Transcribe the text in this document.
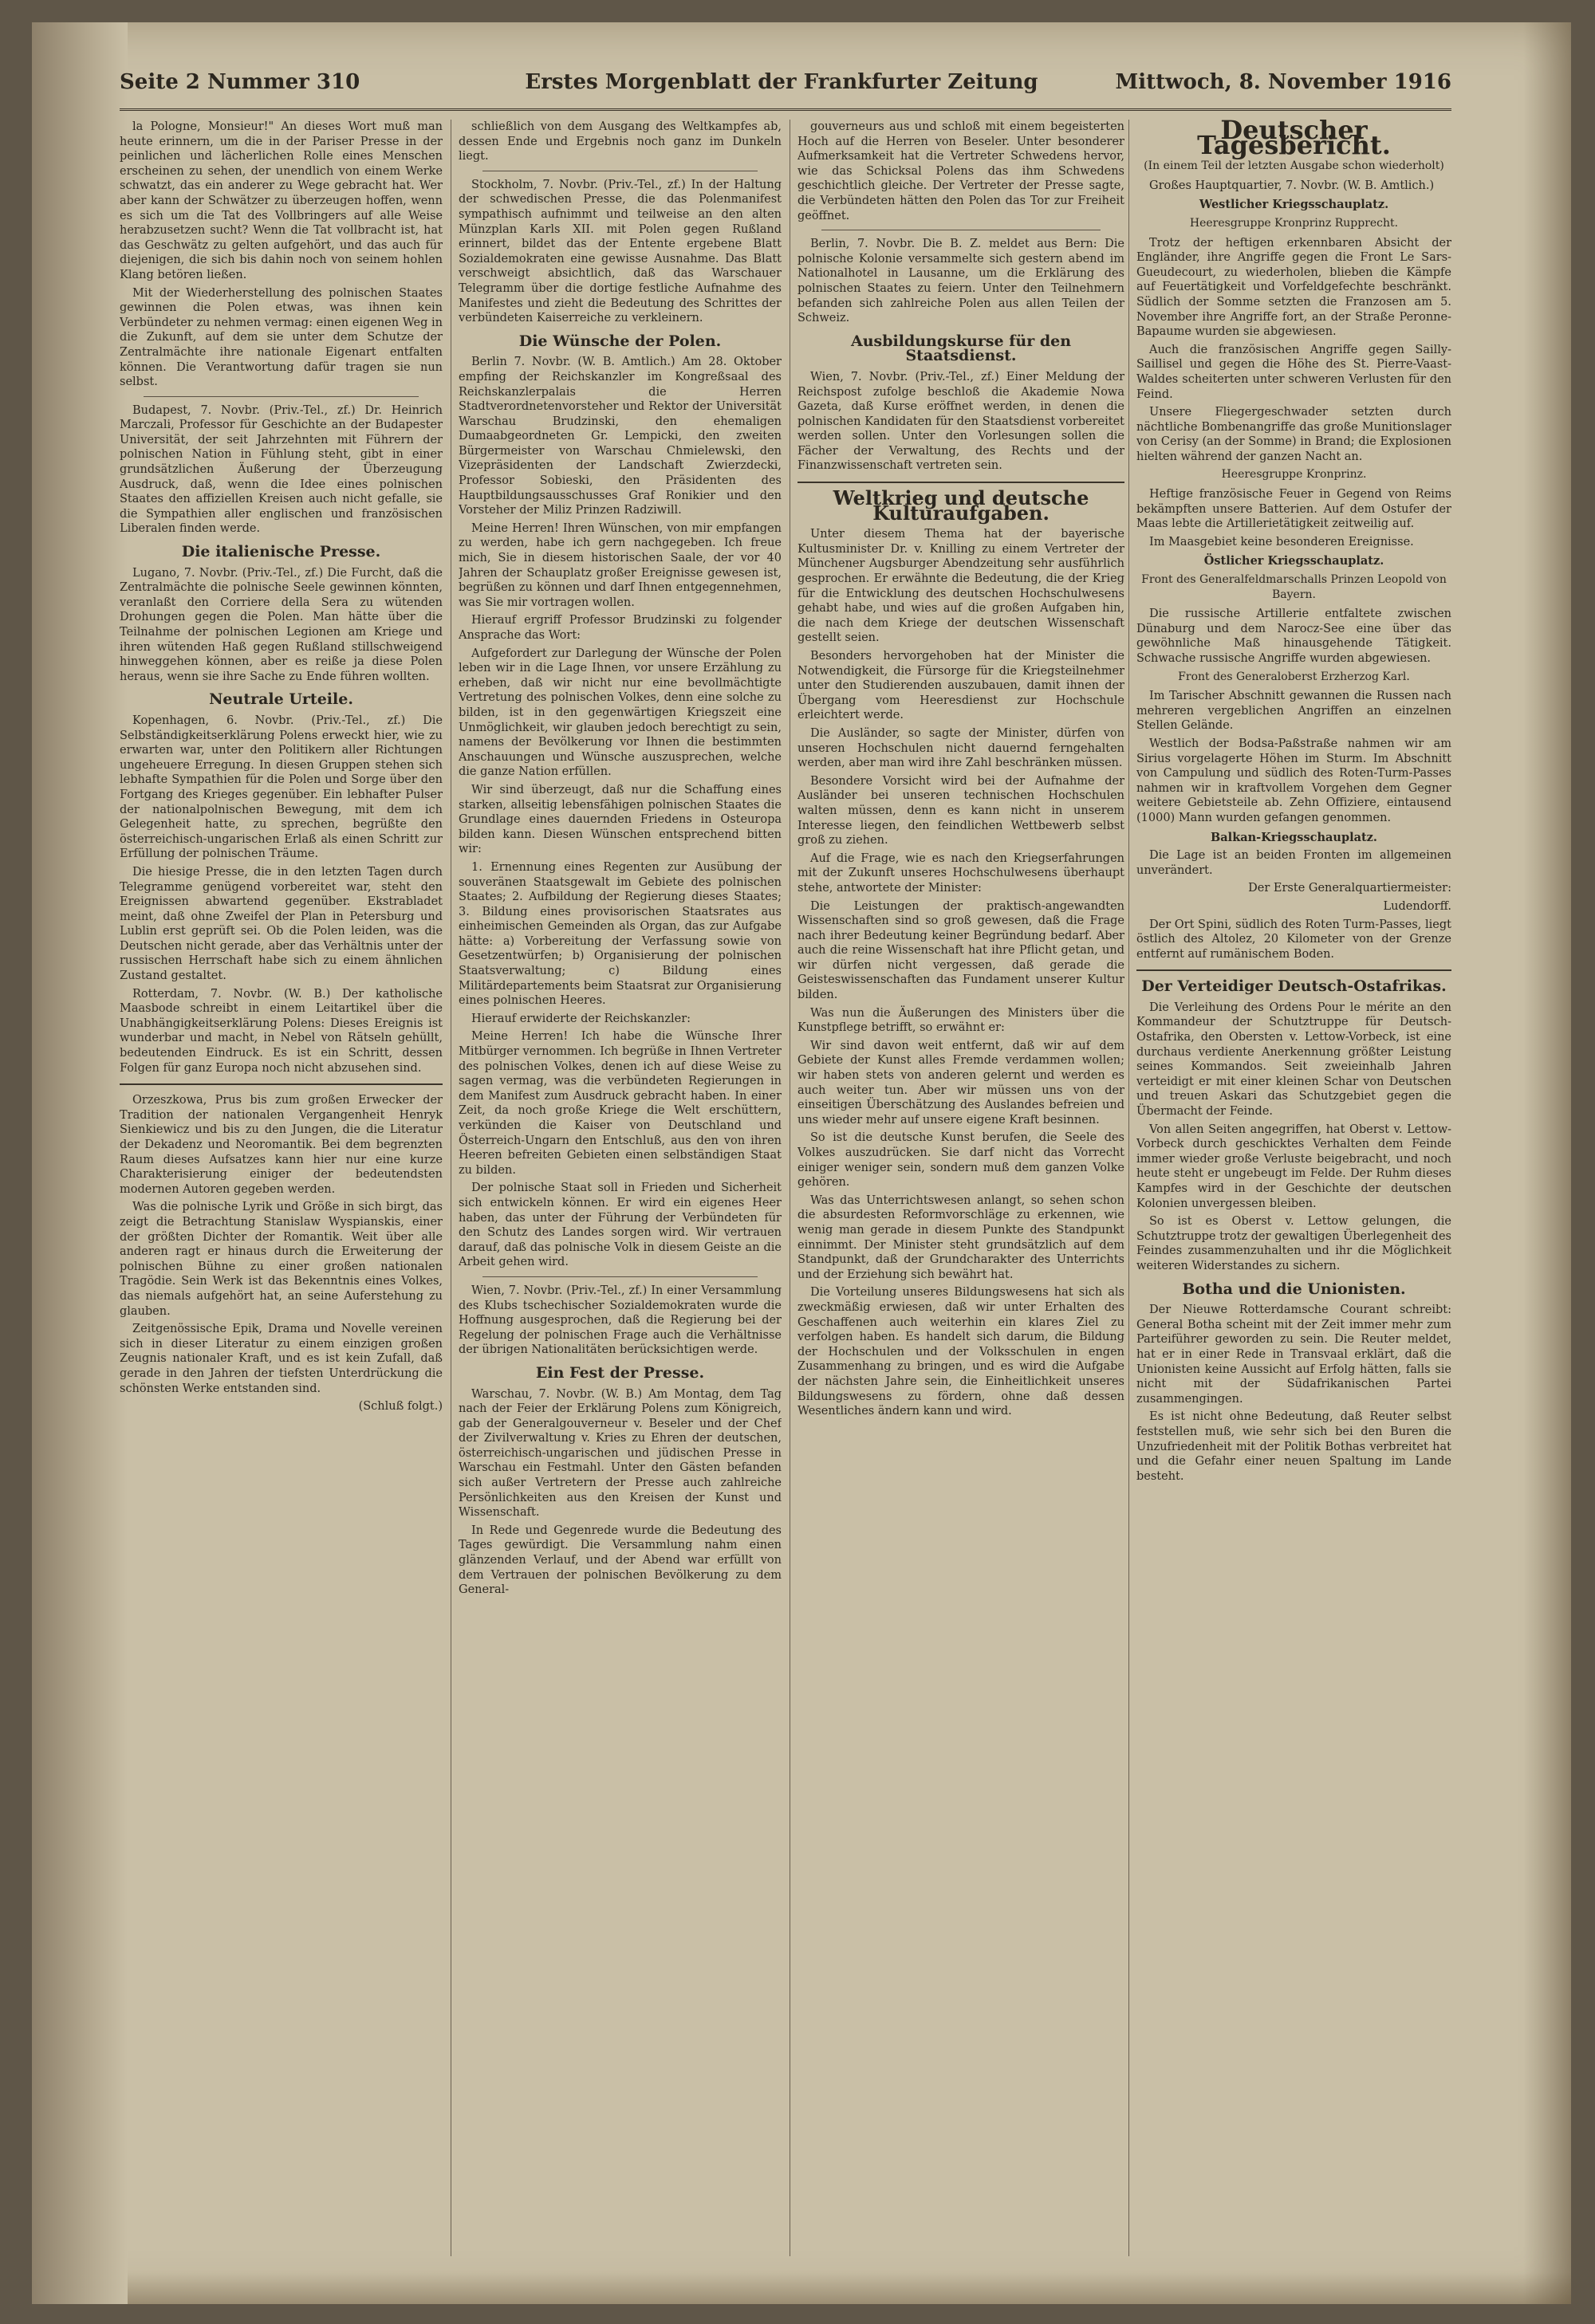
Seite 2 Nummer 310	Erstes Morgenblatt der Frankfurter Zeitung	Mittwoch, 8. November 1916

la Pologne, Monsieur!" An dieses Wort muß man heute erinnern, um die in der Pariser Presse in der peinlichen und lächerlichen Rolle eines Menschen erscheinen zu sehen, der unendlich von einem Werke schwatzt, das ein anderer zu Wege gebracht hat. Wer aber kann der Schwätzer zu überzeugen hoffen, wenn es sich um die Tat des Vollbringers auf alle Weise herabzusetzen sucht? Wenn die Tat vollbracht ist, hat das Geschwätz zu gelten aufgehört, und das auch für diejenigen, die sich bis dahin noch von seinem hohlen Klang betören ließen.

Mit der Wiederherstellung des polnischen Staates gewinnen die Polen etwas, was ihnen kein Verbündeter zu nehmen vermag: einen eigenen Weg in die Zukunft, auf dem sie unter dem Schutze der Zentralmächte ihre nationale Eigenart entfalten können. Die Verantwortung dafür tragen sie nun selbst.

Budapest, 7. Novbr. (Priv.-Tel., zf.) Dr. Heinrich Marczali, Professor für Geschichte an der Budapester Universität, der seit Jahrzehnten mit Führern der polnischen Nation in Fühlung steht, gibt in einer grundsätzlichen Äußerung der Überzeugung Ausdruck, daß, wenn die Idee eines polnischen Staates den affiziellen Kreisen auch nicht gefalle, sie die Sympathien aller englischen und französischen Liberalen finden werde.

Die italienische Presse.

Lugano, 7. Novbr. (Priv.-Tel., zf.) Die Furcht, daß die Zentralmächte die polnische Seele gewinnen könnten, veranlaßt den Corriere della Sera zu wütenden Drohungen gegen die Polen. Man hätte über die Teilnahme der polnischen Legionen am Kriege und ihren wütenden Haß gegen Rußland stillschweigend hinweggehen können, aber es reiße ja diese Polen heraus, wenn sie ihre Sache zu Ende führen wollten.

Neutrale Urteile.

Kopenhagen, 6. Novbr. (Priv.-Tel., zf.) Die Selbständigkeitserklärung Polens erweckt hier, wie zu erwarten war, unter den Politikern aller Richtungen ungeheuere Erregung. In diesen Gruppen stehen sich lebhafte Sympathien für die Polen und Sorge über den Fortgang des Krieges gegenüber. Ein lebhafter Pulser der nationalpolnischen Bewegung, mit dem ich Gelegenheit hatte, zu sprechen, begrüßte den österreichisch-ungarischen Erlaß als einen Schritt zur Erfüllung der polnischen Träume.

Die hiesige Presse, die in den letzten Tagen durch Telegramme genügend vorbereitet war, steht den Ereignissen abwartend gegenüber. Ekstrabladet meint, daß ohne Zweifel der Plan in Petersburg und Lublin erst geprüft sei. Ob die Polen leiden, was die Deutschen nicht gerade, aber das Verhältnis unter der russischen Herrschaft habe sich zu einem ähnlichen Zustand gestaltet.

Rotterdam, 7. Novbr. (W. B.) Der katholische Maasbode schreibt in einem Leitartikel über die Unabhängigkeitserklärung Polens: Dieses Ereignis ist wunderbar und macht, in Nebel von Rätseln gehüllt, bedeutenden Eindruck. Es ist ein Schritt, dessen Folgen für ganz Europa noch nicht abzusehen sind.

Orzeszkowa, Prus bis zum großen Erwecker der Tradition der nationalen Vergangenheit Henryk Sienkiewicz und bis zu den Jungen, die die Literatur der Dekadenz und Neoromantik. Bei dem begrenzten Raum dieses Aufsatzes kann hier nur eine kurze Charakterisierung einiger der bedeutendsten modernen Autoren gegeben werden.

Was die polnische Lyrik und Größe in sich birgt, das zeigt die Betrachtung Stanislaw Wyspianskis, einer der größten Dichter der Romantik. Weit über alle anderen ragt er hinaus durch die Erweiterung der polnischen Bühne zu einer großen nationalen Tragödie. Sein Werk ist das Bekenntnis eines Volkes, das niemals aufgehört hat, an seine Auferstehung zu glauben.

Zeitgenössische Epik, Drama und Novelle vereinen sich in dieser Literatur zu einem einzigen großen Zeugnis nationaler Kraft, und es ist kein Zufall, daß gerade in den Jahren der tiefsten Unterdrückung die schönsten Werke entstanden sind.

(Schluß folgt.)

schließlich von dem Ausgang des Weltkampfes ab, dessen Ende und Ergebnis noch ganz im Dunkeln liegt.

Stockholm, 7. Novbr. (Priv.-Tel., zf.) In der Haltung der schwedischen Presse, die das Polenmanifest sympathisch aufnimmt und teilweise an den alten Münzplan Karls XII. mit Polen gegen Rußland erinnert, bildet das der Entente ergebene Blatt Sozialdemokraten eine gewisse Ausnahme. Das Blatt verschweigt absichtlich, daß das Warschauer Telegramm über die dortige festliche Aufnahme des Manifestes und zieht die Bedeutung des Schrittes der verbündeten Kaiserreiche zu verkleinern.

Die Wünsche der Polen.

Berlin 7. Novbr. (W. B. Amtlich.) Am 28. Oktober empfing der Reichskanzler im Kongreßsaal des Reichskanzlerpalais die Herren Stadtverordnetenvorsteher und Rektor der Universität Warschau Brudzinski, den ehemaligen Dumaabgeordneten Gr. Lempicki, den zweiten Bürgermeister von Warschau Chmielewski, den Vizepräsidenten der Landschaft Zwierzdecki, Professor Sobieski, den Präsidenten des Hauptbildungsausschusses Graf Ronikier und den Vorsteher der Miliz Prinzen Radziwill.

Meine Herren! Ihren Wünschen, von mir empfangen zu werden, habe ich gern nachgegeben. Ich freue mich, Sie in diesem historischen Saale, der vor 40 Jahren der Schauplatz großer Ereignisse gewesen ist, begrüßen zu können und darf Ihnen entgegennehmen, was Sie mir vortragen wollen.

Hierauf ergriff Professor Brudzinski zu folgender Ansprache das Wort:

Aufgefordert zur Darlegung der Wünsche der Polen leben wir in die Lage Ihnen, vor unsere Erzählung zu erheben, daß wir nicht nur eine bevollmächtigte Vertretung des polnischen Volkes, denn eine solche zu bilden, ist in den gegenwärtigen Kriegszeit eine Unmöglichkeit, wir glauben jedoch berechtigt zu sein, namens der Bevölkerung vor Ihnen die bestimmten Anschauungen und Wünsche auszusprechen, welche die ganze Nation erfüllen.

Wir sind überzeugt, daß nur die Schaffung eines starken, allseitig lebensfähigen polnischen Staates die Grundlage eines dauernden Friedens in Osteuropa bilden kann. Diesen Wünschen entsprechend bitten wir:

1. Ernennung eines Regenten zur Ausübung der souveränen Staatsgewalt im Gebiete des polnischen Staates; 2. Aufbildung der Regierung dieses Staates; 3. Bildung eines provisorischen Staatsrates aus einheimischen Gemeinden als Organ, das zur Aufgabe hätte: a) Vorbereitung der Verfassung sowie von Gesetzentwürfen; b) Organisierung der polnischen Staatsverwaltung; c) Bildung eines Militärdepartements beim Staatsrat zur Organisierung eines polnischen Heeres.

Hierauf erwiderte der Reichskanzler:

Meine Herren! Ich habe die Wünsche Ihrer Mitbürger vernommen. Ich begrüße in Ihnen Vertreter des polnischen Volkes, denen ich auf diese Weise zu sagen vermag, was die verbündeten Regierungen in dem Manifest zum Ausdruck gebracht haben. In einer Zeit, da noch große Kriege die Welt erschüttern, verkünden die Kaiser von Deutschland und Österreich-Ungarn den Entschluß, aus den von ihren Heeren befreiten Gebieten einen selbständigen Staat zu bilden.

Der polnische Staat soll in Frieden und Sicherheit sich entwickeln können. Er wird ein eigenes Heer haben, das unter der Führung der Verbündeten für den Schutz des Landes sorgen wird. Wir vertrauen darauf, daß das polnische Volk in diesem Geiste an die Arbeit gehen wird.

Wien, 7. Novbr. (Priv.-Tel., zf.) In einer Versammlung des Klubs tschechischer Sozialdemokraten wurde die Hoffnung ausgesprochen, daß die Regierung bei der Regelung der polnischen Frage auch die Verhältnisse der übrigen Nationalitäten berücksichtigen werde.

Ein Fest der Presse.

Warschau, 7. Novbr. (W. B.) Am Montag, dem Tag nach der Feier der Erklärung Polens zum Königreich, gab der Generalgouverneur v. Beseler und der Chef der Zivilverwaltung v. Kries zu Ehren der deutschen, österreichisch-ungarischen und jüdischen Presse in Warschau ein Festmahl. Unter den Gästen befanden sich außer Vertretern der Presse auch zahlreiche Persönlichkeiten aus den Kreisen der Kunst und Wissenschaft.

In Rede und Gegenrede wurde die Bedeutung des Tages gewürdigt. Die Versammlung nahm einen glänzenden Verlauf, und der Abend war erfüllt von dem Vertrauen der polnischen Bevölkerung zu dem General-

gouverneurs aus und schloß mit einem begeisterten Hoch auf die Herren von Beseler. Unter besonderer Aufmerksamkeit hat die Vertreter Schwedens hervor, wie das Schicksal Polens das ihm Schwedens geschichtlich gleiche. Der Vertreter der Presse sagte, die Verbündeten hätten den Polen das Tor zur Freiheit geöffnet.

Berlin, 7. Novbr. Die B. Z. meldet aus Bern: Die polnische Kolonie versammelte sich gestern abend im Nationalhotel in Lausanne, um die Erklärung des polnischen Staates zu feiern. Unter den Teilnehmern befanden sich zahlreiche Polen aus allen Teilen der Schweiz.

Ausbildungskurse für den Staatsdienst.

Wien, 7. Novbr. (Priv.-Tel., zf.) Einer Meldung der Reichspost zufolge beschloß die Akademie Nowa Gazeta, daß Kurse eröffnet werden, in denen die polnischen Kandidaten für den Staatsdienst vorbereitet werden sollen. Unter den Vorlesungen sollen die Fächer der Verwaltung, des Rechts und der Finanzwissenschaft vertreten sein.

Weltkrieg und deutsche Kulturaufgaben.

Unter diesem Thema hat der bayerische Kultusminister Dr. v. Knilling zu einem Vertreter der Münchener Augsburger Abendzeitung sehr ausführlich gesprochen. Er erwähnte die Bedeutung, die der Krieg für die Entwicklung des deutschen Hochschulwesens gehabt habe, und wies auf die großen Aufgaben hin, die nach dem Kriege der deutschen Wissenschaft gestellt seien.

Besonders hervorgehoben hat der Minister die Notwendigkeit, die Fürsorge für die Kriegsteilnehmer unter den Studierenden auszubauen, damit ihnen der Übergang vom Heeresdienst zur Hochschule erleichtert werde.

Die Ausländer, so sagte der Minister, dürfen von unseren Hochschulen nicht dauernd ferngehalten werden, aber man wird ihre Zahl beschränken müssen.

Besondere Vorsicht wird bei der Aufnahme der Ausländer bei unseren technischen Hochschulen walten müssen, denn es kann nicht in unserem Interesse liegen, den feindlichen Wettbewerb selbst groß zu ziehen.

Auf die Frage, wie es nach den Kriegserfahrungen mit der Zukunft unseres Hochschulwesens überhaupt stehe, antwortete der Minister:

Die Leistungen der praktisch-angewandten Wissenschaften sind so groß gewesen, daß die Frage nach ihrer Bedeutung keiner Begründung bedarf. Aber auch die reine Wissenschaft hat ihre Pflicht getan, und wir dürfen nicht vergessen, daß gerade die Geisteswissenschaften das Fundament unserer Kultur bilden.

Was nun die Äußerungen des Ministers über die Kunstpflege betrifft, so erwähnt er:

Wir sind davon weit entfernt, daß wir auf dem Gebiete der Kunst alles Fremde verdammen wollen; wir haben stets von anderen gelernt und werden es auch weiter tun. Aber wir müssen uns von der einseitigen Überschätzung des Auslandes befreien und uns wieder mehr auf unsere eigene Kraft besinnen.

So ist die deutsche Kunst berufen, die Seele des Volkes auszudrücken. Sie darf nicht das Vorrecht einiger weniger sein, sondern muß dem ganzen Volke gehören.

Was das Unterrichtswesen anlangt, so sehen schon die absurdesten Reformvorschläge zu erkennen, wie wenig man gerade in diesem Punkte des Standpunkt einnimmt. Der Minister steht grundsätzlich auf dem Standpunkt, daß der Grundcharakter des Unterrichts und der Erziehung sich bewährt hat.

Die Vorteilung unseres Bildungswesens hat sich als zweckmäßig erwiesen, daß wir unter Erhalten des Geschaffenen auch weiterhin ein klares Ziel zu verfolgen haben. Es handelt sich darum, die Bildung der Hochschulen und der Volksschulen in engen Zusammenhang zu bringen, und es wird die Aufgabe der nächsten Jahre sein, die Einheitlichkeit unseres Bildungswesens zu fördern, ohne daß dessen Wesentliches ändern kann und wird.

Deutscher Tagesbericht.
(In einem Teil der letzten Ausgabe schon wiederholt)

Großes Hauptquartier, 7. Novbr. (W. B. Amtlich.)

Westlicher Kriegsschauplatz.
Heeresgruppe Kronprinz Rupprecht.

Trotz der heftigen erkennbaren Absicht der Engländer, ihre Angriffe gegen die Front Le Sars-Gueudecourt, zu wiederholen, blieben die Kämpfe auf Feuertätigkeit und Vorfeldgefechte beschränkt. Südlich der Somme setzten die Franzosen am 5. November ihre Angriffe fort, an der Straße Peronne-Bapaume wurden sie abgewiesen.

Auch die französischen Angriffe gegen Sailly-Saillisel und gegen die Höhe des St. Pierre-Vaast-Waldes scheiterten unter schweren Verlusten für den Feind.

Unsere Fliegergeschwader setzten durch nächtliche Bombenangriffe das große Munitionslager von Cerisy (an der Somme) in Brand; die Explosionen hielten während der ganzen Nacht an.

Heeresgruppe Kronprinz.

Heftige französische Feuer in Gegend von Reims bekämpften unsere Batterien. Auf dem Ostufer der Maas lebte die Artillerietätigkeit zeitweilig auf.

Im Maasgebiet keine besonderen Ereignisse.

Östlicher Kriegsschauplatz.
Front des Generalfeldmarschalls Prinzen Leopold von Bayern.

Die russische Artillerie entfaltete zwischen Dünaburg und dem Narocz-See eine über das gewöhnliche Maß hinausgehende Tätigkeit. Schwache russische Angriffe wurden abgewiesen.

Front des Generaloberst Erzherzog Karl.

Im Tarischer Abschnitt gewannen die Russen nach mehreren vergeblichen Angriffen an einzelnen Stellen Gelände.

Westlich der Bodsa-Paßstraße nahmen wir am Sirius vorgelagerte Höhen im Sturm. Im Abschnitt von Campulung und südlich des Roten-Turm-Passes nahmen wir in kraftvollem Vorgehen dem Gegner weitere Gebietsteile ab. Zehn Offiziere, eintausend (1000) Mann wurden gefangen genommen.

Balkan-Kriegsschauplatz.

Die Lage ist an beiden Fronten im allgemeinen unverändert.

Der Erste Generalquartiermeister:
Ludendorff.

Der Ort Spini, südlich des Roten Turm-Passes, liegt östlich des Altolez, 20 Kilometer von der Grenze entfernt auf rumänischem Boden.

Der Verteidiger Deutsch-Ostafrikas.

Die Verleihung des Ordens Pour le mérite an den Kommandeur der Schutztruppe für Deutsch-Ostafrika, den Obersten v. Lettow-Vorbeck, ist eine durchaus verdiente Anerkennung größter Leistung seines Kommandos. Seit zweieinhalb Jahren verteidigt er mit einer kleinen Schar von Deutschen und treuen Askari das Schutzgebiet gegen die Übermacht der Feinde.

Von allen Seiten angegriffen, hat Oberst v. Lettow-Vorbeck durch geschicktes Verhalten dem Feinde immer wieder große Verluste beigebracht, und noch heute steht er ungebeugt im Felde. Der Ruhm dieses Kampfes wird in der Geschichte der deutschen Kolonien unvergessen bleiben.

So ist es Oberst v. Lettow gelungen, die Schutztruppe trotz der gewaltigen Überlegenheit des Feindes zusammenzuhalten und ihr die Möglichkeit weiteren Widerstandes zu sichern.

Botha und die Unionisten.

Der Nieuwe Rotterdamsche Courant schreibt: General Botha scheint mit der Zeit immer mehr zum Parteiführer geworden zu sein. Die Reuter meldet, hat er in einer Rede in Transvaal erklärt, daß die Unionisten keine Aussicht auf Erfolg hätten, falls sie nicht mit der Südafrikanischen Partei zusammengingen.

Es ist nicht ohne Bedeutung, daß Reuter selbst feststellen muß, wie sehr sich bei den Buren die Unzufriedenheit mit der Politik Bothas verbreitet hat und die Gefahr einer neuen Spaltung im Lande besteht.
